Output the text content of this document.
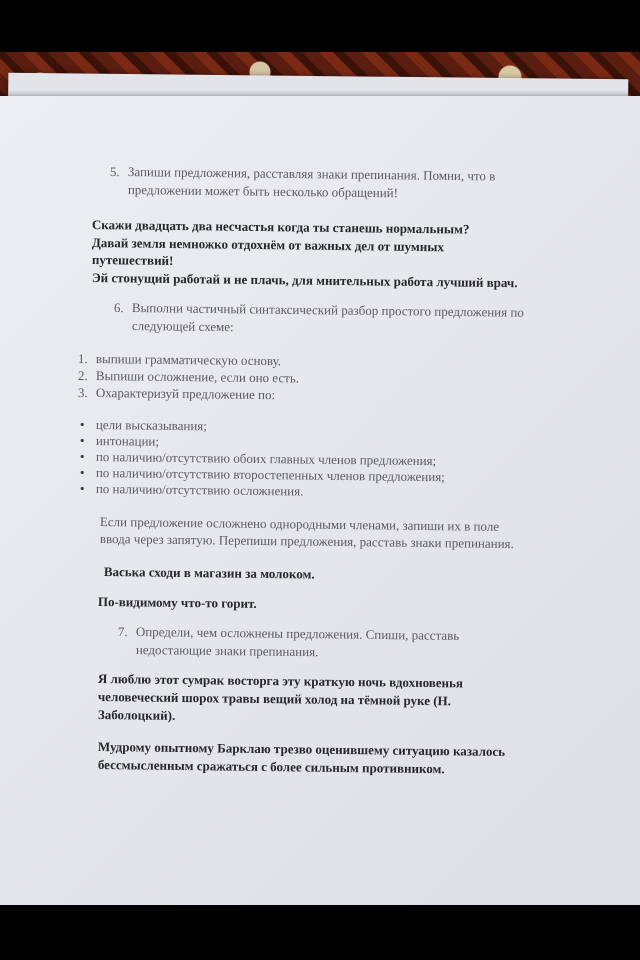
5. Запиши предложения, расставляя знаки препинания. Помни, что в
предложении может быть несколько обращений!
Скажи двадцать два несчастья когда ты станешь нормальным?
Давай земля немножко отдохнём от важных дел от шумных
путешествий!
Эй стонущий работай и не плачь, для мнительных работа лучший врач.
6. Выполни частичный синтаксический разбор простого предложения по
следующей схеме:
1. выпиши грамматическую основу.
2. Выпиши осложнение, если оно есть.
3. Охарактеризуй предложение по:
• цели высказывания;
• интонации;
• по наличию/отсутствию обоих главных членов предложения;
• по наличию/отсутствию второстепенных членов предложения;
• по наличию/отсутствию осложнения.
Если предложение осложнено однородными членами, запиши их в поле
ввода через запятую. Перепиши предложения, расставь знаки препинания.
Васька сходи в магазин за молоком.
По-видимому что-то горит.
7. Определи, чем осложнены предложения. Спиши, расставь
недостающие знаки препинания.
Я люблю этот сумрак восторга эту краткую ночь вдохновенья
человеческий шорох травы вещий холод на тёмной руке (Н.
Заболоцкий).
Мудрому опытному Барклаю трезво оценившему ситуацию казалось
бессмысленным сражаться с более сильным противником.
